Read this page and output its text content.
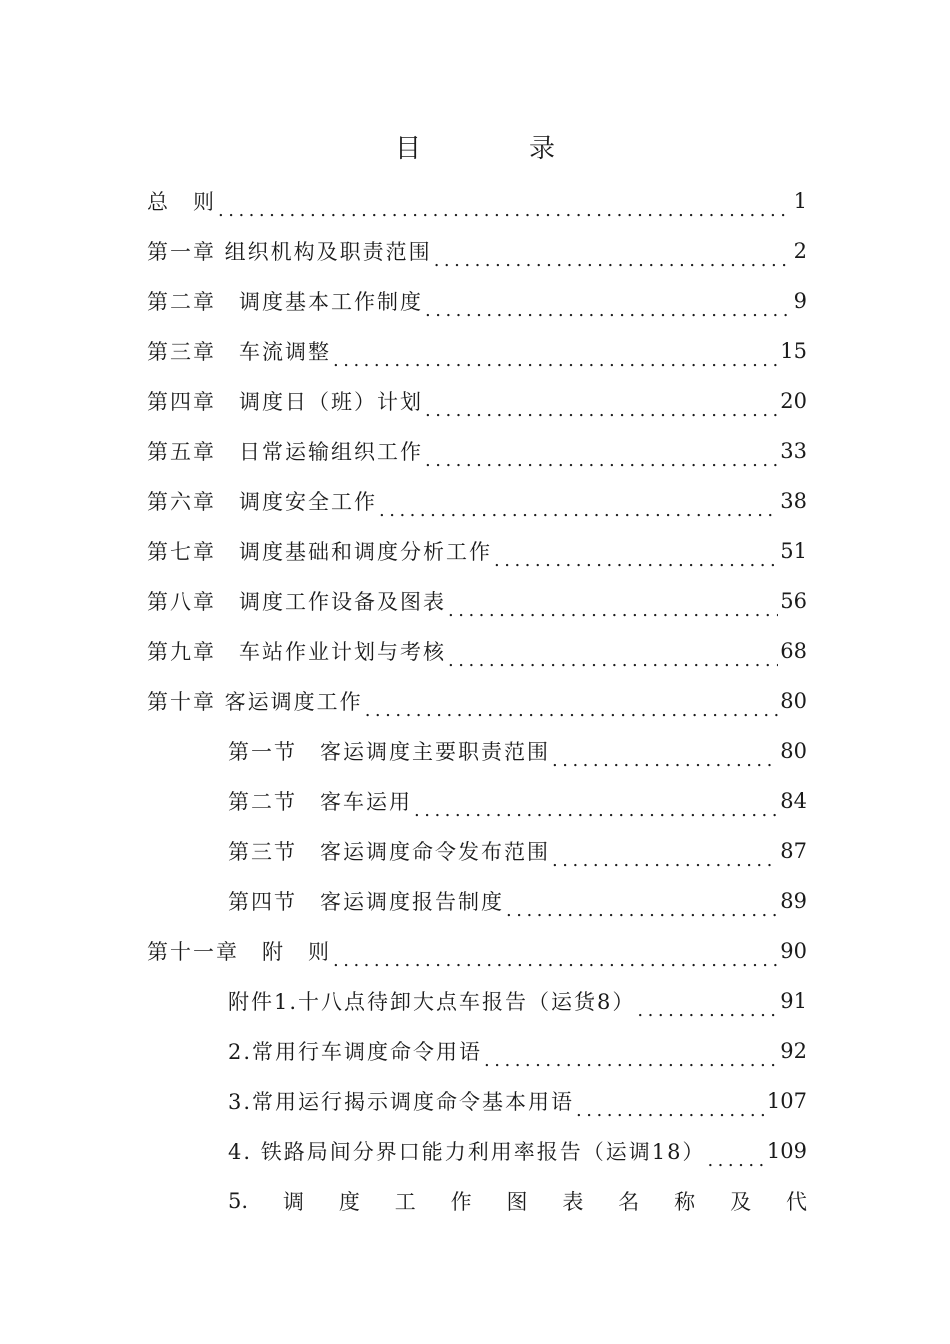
目	录
总　则 .....	1
第一章 组织机构及职责范围 .....	2
第二章　调度基本工作制度 .....	9
第三章　车流调整 .....	15
第四章　调度日（班）计划 .....	20
第五章　日常运输组织工作 .....	33
第六章　调度安全工作 .....	38
第七章　调度基础和调度分析工作 .....	51
第八章　调度工作设备及图表 .....	56
第九章　车站作业计划与考核 .....	68
第十章 客运调度工作 .....	80
第一节　客运调度主要职责范围 .....	80
第二节　客车运用 .....	84
第三节　客运调度命令发布范围 .....	87
第四节　客运调度报告制度 .....	89
第十一章　附　则 .....	90
附件1.十八点待卸大点车报告（运货8） .....	91
2.常用行车调度命令用语 .....	92
3.常用运行揭示调度命令基本用语 .....	107
4. 铁路局间分界口能力利用率报告（运调18） .....	109
5. 调 度 工 作 图 表 名 称 及 代
